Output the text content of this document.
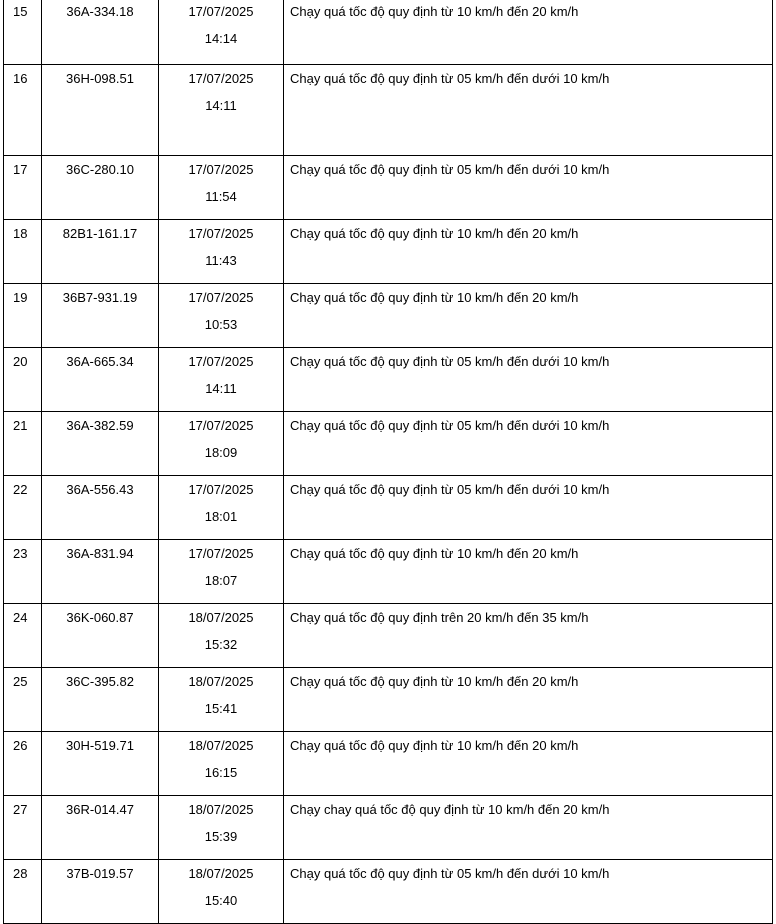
15	36A-334.18	17/07/2025
14:14	Chạy quá tốc độ quy định từ 10 km/h đến 20 km/h

16	36H-098.51	17/07/2025
14:11	Chạy quá tốc độ quy định từ 05 km/h đến dưới 10 km/h

17	36C-280.10	17/07/2025
11:54	Chạy quá tốc độ quy định từ 05 km/h đến dưới 10 km/h

18	82B1-161.17	17/07/2025
11:43	Chạy quá tốc độ quy định từ 10 km/h đến 20 km/h

19	36B7-931.19	17/07/2025
10:53	Chạy quá tốc độ quy định từ 10 km/h đến 20 km/h

20	36A-665.34	17/07/2025
14:11	Chạy quá tốc độ quy định từ 05 km/h đến dưới 10 km/h

21	36A-382.59	17/07/2025
18:09	Chạy quá tốc độ quy định từ 05 km/h đến dưới 10 km/h

22	36A-556.43	17/07/2025
18:01	Chạy quá tốc độ quy định từ 05 km/h đến dưới 10 km/h

23	36A-831.94	17/07/2025
18:07	Chạy quá tốc độ quy định từ 10 km/h đến 20 km/h

24	36K-060.87	18/07/2025
15:32	Chạy quá tốc độ quy định trên 20 km/h đến 35 km/h

25	36C-395.82	18/07/2025
15:41	Chạy quá tốc độ quy định từ 10 km/h đến 20 km/h

26	30H-519.71	18/07/2025
16:15	Chạy quá tốc độ quy định từ 10 km/h đến 20 km/h

27	36R-014.47	18/07/2025
15:39	Chạy chay quá tốc độ quy định từ 10 km/h đến 20 km/h

28	37B-019.57	18/07/2025
15:40	Chạy quá tốc độ quy định từ 05 km/h đến dưới 10 km/h
